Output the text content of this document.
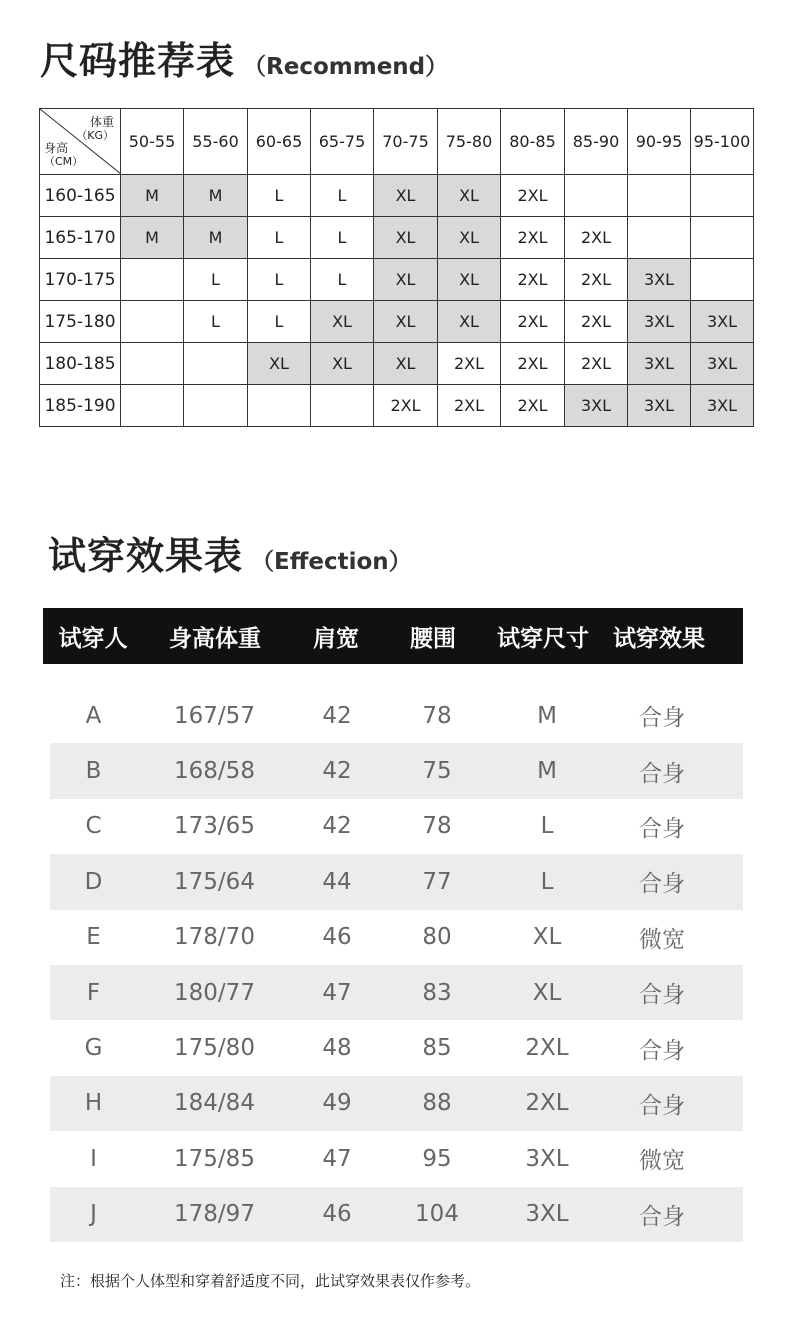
尺码推荐表 （Recommend）
体重
（KG）
身高
（CM）	50-55	55-60	60-65	65-75	70-75	75-80	80-85	85-90	90-95	95-100
160-165	M	M	L	L	XL	XL	2XL			
165-170	M	M	L	L	XL	XL	2XL	2XL		
170-175		L	L	L	XL	XL	2XL	2XL	3XL	
175-180		L	L	XL	XL	XL	2XL	2XL	3XL	3XL
180-185			XL	XL	XL	2XL	2XL	2XL	3XL	3XL
185-190					2XL	2XL	2XL	3XL	3XL	3XL
试穿效果表 （Effection）
试穿人	身高体重	肩宽	腰围	试穿尺寸	试穿效果
A	167/57	42	78	M	合身
B	168/58	42	75	M	合身
C	173/65	42	78	L	合身
D	175/64	44	77	L	合身
E	178/70	46	80	XL	微宽
F	180/77	47	83	XL	合身
G	175/80	48	85	2XL	合身
H	184/84	49	88	2XL	合身
I	175/85	47	95	3XL	微宽
J	178/97	46	104	3XL	合身
注：根据个人体型和穿着舒适度不同，此试穿效果表仅作参考。
